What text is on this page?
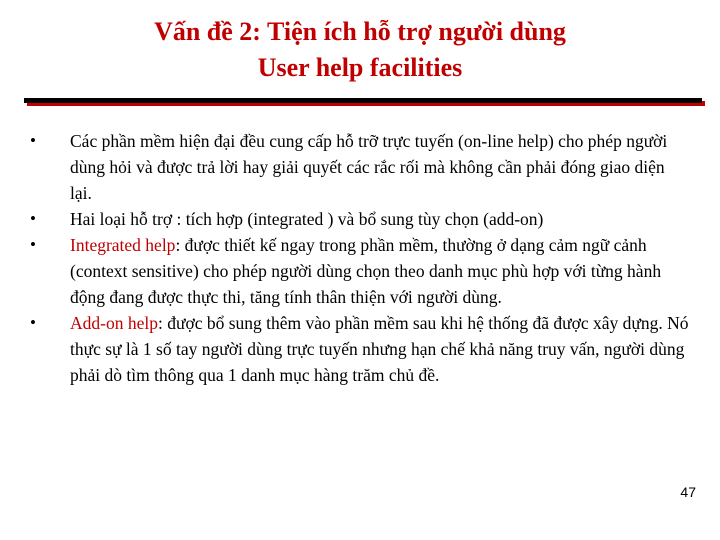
Vấn đề 2: Tiện ích hỗ trợ người dùng
User help facilities
•	Các phần mềm hiện đại đều cung cấp hỗ trỡ trực tuyến (on-line help) cho phép người dùng hỏi và được trả lời hay giải quyết các rắc rối mà không cần phải đóng giao diện lại.
•	Hai loại hỗ trợ : tích hợp (integrated ) và bổ sung tùy chọn (add-on)
•	Integrated help: được thiết kế ngay trong phần mềm, thường ở dạng cảm ngữ cảnh (context sensitive) cho phép người dùng chọn theo danh mục phù hợp với từng hành động đang được thực thi, tăng tính thân thiện với người dùng.
•	Add-on help: được bổ sung thêm vào phần mềm sau khi hệ thống đã được xây dựng. Nó thực sự là 1 số tay người dùng trực tuyến nhưng hạn chế khả năng truy vấn, người dùng phải dò tìm thông qua 1 danh mục hàng trăm chủ đề.
47
